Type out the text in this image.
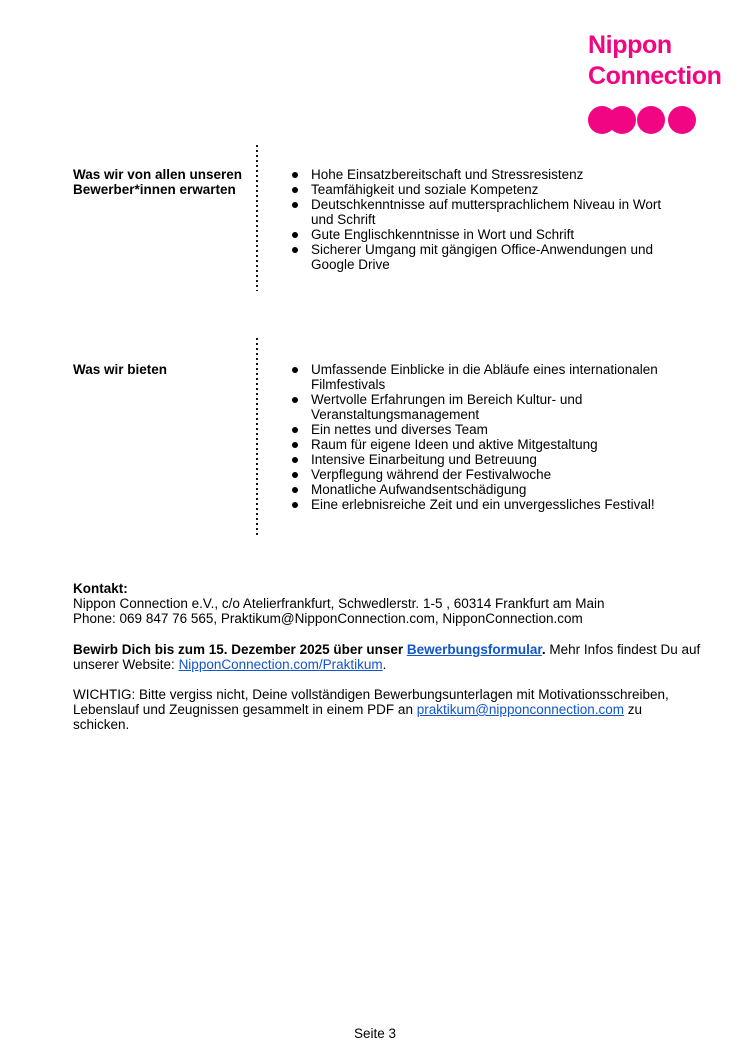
Nippon
Connection
Was wir von allen unseren Bewerber*innen erwarten
Hohe Einsatzbereitschaft und Stressresistenz
Teamfähigkeit und soziale Kompetenz
Deutschkenntnisse auf muttersprachlichem Niveau in Wort und Schrift
Gute Englischkenntnisse in Wort und Schrift
Sicherer Umgang mit gängigen Office-Anwendungen und Google Drive
Was wir bieten	Umfassende Einblicke in die Abläufe eines internationalen Filmfestivals
Wertvolle Erfahrungen im Bereich Kultur- und Veranstaltungsmanagement
Ein nettes und diverses Team
Raum für eigene Ideen und aktive Mitgestaltung
Intensive Einarbeitung und Betreuung
Verpflegung während der Festivalwoche
Monatliche Aufwandsentschädigung
Eine erlebnisreiche Zeit und ein unvergessliches Festival!

Kontakt:

Nippon Connection e.V., c/o Atelierfrankfurt, Schwedlerstr. 1-5 , 60314 Frankfurt am Main

Phone: 069 847 76 565, Praktikum@NipponConnection.com, NipponConnection.com

Bewirb Dich bis zum 15. Dezember 2025 über unser Bewerbungsformular. Mehr Infos findest Du auf unserer Website: NipponConnection.com/Praktikum.

WICHTIG: Bitte vergiss nicht, Deine vollständigen Bewerbungsunterlagen mit Motivationsschreiben, Lebenslauf und Zeugnissen gesammelt in einem PDF an praktikum@nipponconnection.com zu schicken.

Seite 3
